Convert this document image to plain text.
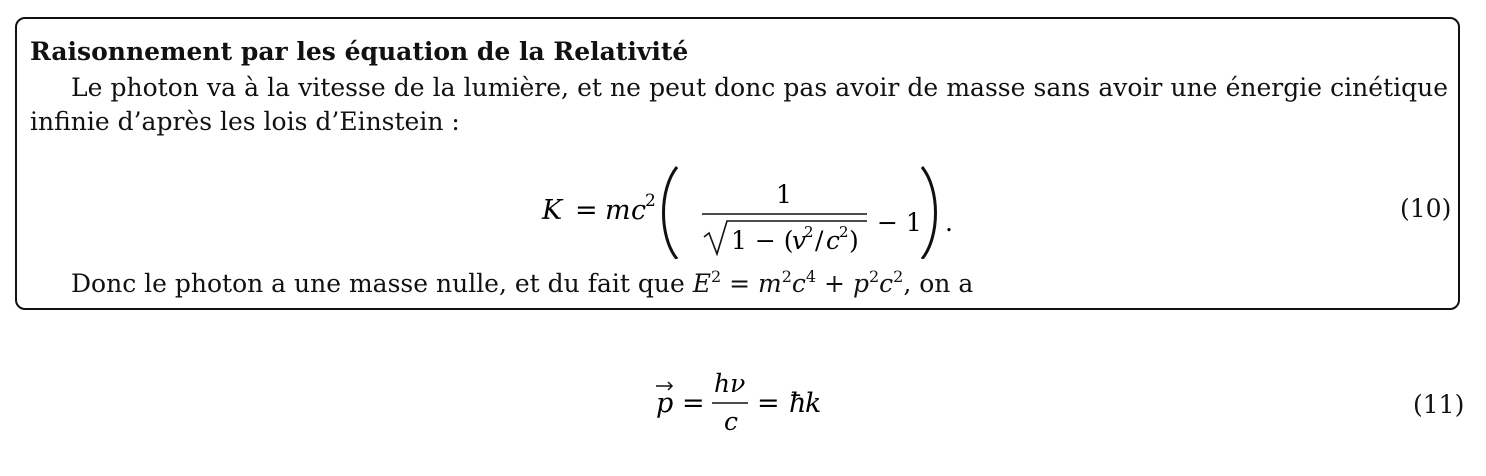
Raisonnement par les équation de la Relativité
Le photon va à la vitesse de la lumière, et ne peut donc pas avoir de masse sans avoir une énergie cinétique infinie d’après les lois d’Einstein :
K = m c
2	1
1 − (
v
2 / c
2 )
− 1 .	(10)
Donc le photon a une masse nulle, et du fait que $E^2 = m^2c^4 + p^2c^2$, on a
p =
hν
c
= ħ
k	(11)
